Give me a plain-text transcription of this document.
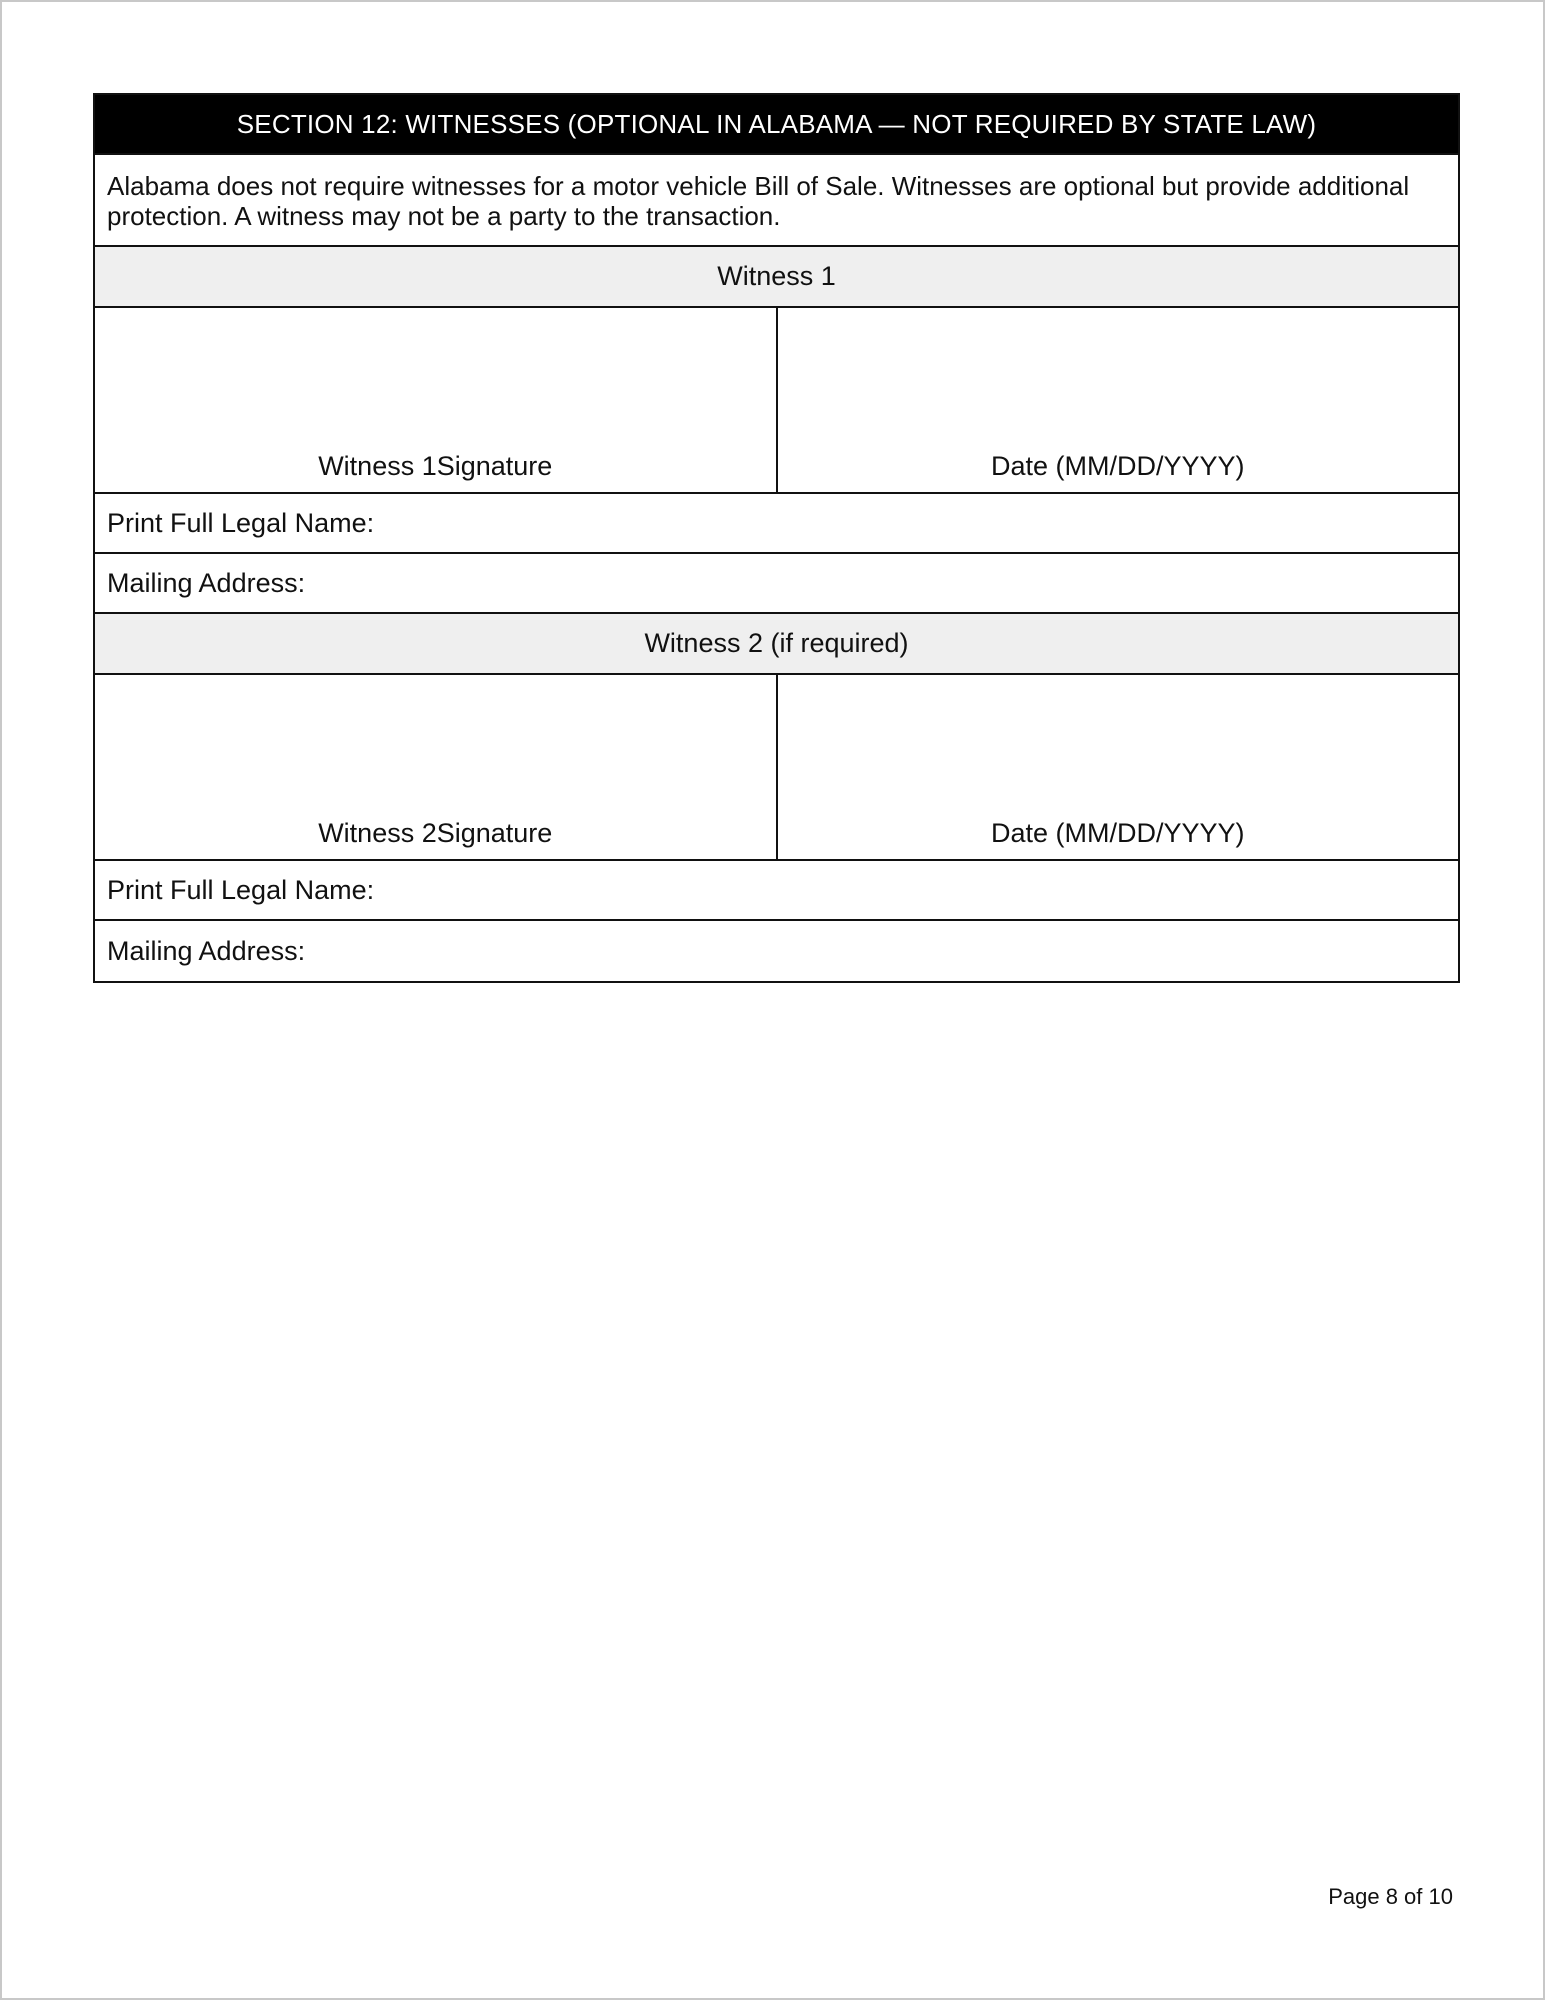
SECTION 12: WITNESSES (OPTIONAL IN ALABAMA — NOT REQUIRED BY STATE LAW)
Alabama does not require witnesses for a motor vehicle Bill of Sale. Witnesses are optional but provide additional protection. A witness may not be a party to the transaction.
Witness 1
Witness 1Signature	Date (MM/DD/YYYY)
Print Full Legal Name:
Mailing Address:
Witness 2 (if required)
Witness 2Signature	Date (MM/DD/YYYY)
Print Full Legal Name:
Mailing Address:
Page 8 of 10
